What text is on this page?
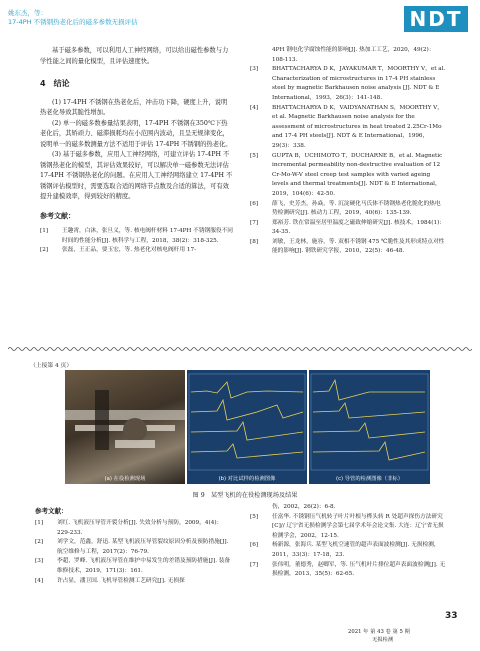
姚东杰，等：
17-4PH 不锈钢热老化后的磁多参数无损评估	NDT

基于磁多参数，可以利用人工神经网络，可以给出磁性参数与力学性能之间的量化模型，且评估速度快。

4　结论

(1) 17-4PH 不锈钢在热老化后，冲击功下降，硬度上升，说明热老化导致其脆性增加。

(2) 单一的磁多数参量结果表明，17-4PH 不锈钢在350℃下热老化后，其矫顽力、磁滞损耗均在小范围内波动，且呈无规律变化，说明单一的磁多数测量方法不适用于评估 17-4PH 不锈钢的热老化。

(3) 基于磁多参数，应用人工神经网络，可建立评估 17-4PH 不锈钢热老化的模型，其评估效果较好，可以解决单一磁参数无法评估 17-4PH 不锈钢热老化的问题。在应用人工神经网络建立 17-4PH 不锈钢评估模型时，需要选取合适的网络节点数及合适的算法，可有效提升建模效率，得到较好的精度。

参考文献：
[1]	王趣霄，白沐，张旦义，等. 核电阀杆材料 17-4PH 不锈钢服役不同时间的性能分析[J]. 核科学与工程，2018，38(2)：318-325.
[2]	张磊，王正品，要玉宏，等. 热老化对核电阀杆用 17-
4PH 钢电化学腐蚀性能的影响[J]. 热加工工艺，2020，49(2)：108-113.
[3]	BHATTACHARYA D K，JAYAKUMAR T，MOORTHY V，et al. Characterization of microstructures in 17-4 PH stainless steel by magnetic Barkhausen noise analysis [J]. NDT & E International，1993，26(3)：141-148.
[4]	BHATTACHARYA D K，VAIDYANATHAN S，MOORTHY V，et al. Magnetic Barkhausen noise analysis for the assessment of microstructures in heat treated 2.25Cr-1Mo and 17-4 PH steels[J]. NDT & E International，1996，29(3)：338.
[5]	GUPTA B，UCHIMOTO T，DUCHARNE B，et al. Magnetic incremental permeability non-destructive evaluation of 12 Cr-Mo-W-V steel creep test samples with varied ageing levels and thermal treatments[J]. NDT & E International，2019，104(6)：42-50.
[6]	薛飞，史芳杰，孙焱，等. 沉淀硬化马氏体不锈钢热老化脆化的热电势检测研究[J]. 核动力工程，2019，40(6)：135-139.
[7]	郑裕芳. 铁在常温至居里温度之磁致伸缩研究[J]. 核技术，1984(1)：34-35.
[8]	刘敏，王龙林，施容，等. 双相不锈钢 475 ℃脆性及其形成特点对性能的影响[J]. 钢铁研究学报，2010，22(5)：46-48.
（上接第 4 页）
(a) 在役检测现场	(b) 对比试样的检测图像	(c) 导管的检测图像（非标）
图 9　某型飞机的在役检测现场及结果
参考文献：
[1]	刘红. 飞机液压导管开裂分析[J]. 失效分析与预防，2009，4(4)：229-233.
[2]	刘学文，范鑫，舒迅. 某型飞机液压导管裂纹原因分析及预防措施[J]. 航空维修与工程，2017(2)：76-79.
[3]	李超，罗峰. 飞机液压导管在维护中易发生的差错及预防措施[J]. 装备维修技术，2019，171(3)：161.
[4]	许占显，潘卫国. 飞机导管检测工艺研究[J]. 无损探
伤，2002，26(2)：6-8.
[5]	任富华. 不锈钢压气机转子叶片叶根与榫头转 R 处超声探伤方法研究[C]// 辽宁省无损检测学会第七届学术年会论文集. 大连：辽宁省无损检测学会，2002，12-15.
[6]	杨新源，张海兵. 某型飞机空速管的超声表面波检测[J]. 无损检测，2011，33(3)：17-18，23.
[7]	张伟明，董德秀，赵卿军，等. 压气机叶片排位超声表面波检测[J]. 无损检测，2013，35(5)：62-65.
33
2021 年 第 43 卷 第 5 期
无损检测
